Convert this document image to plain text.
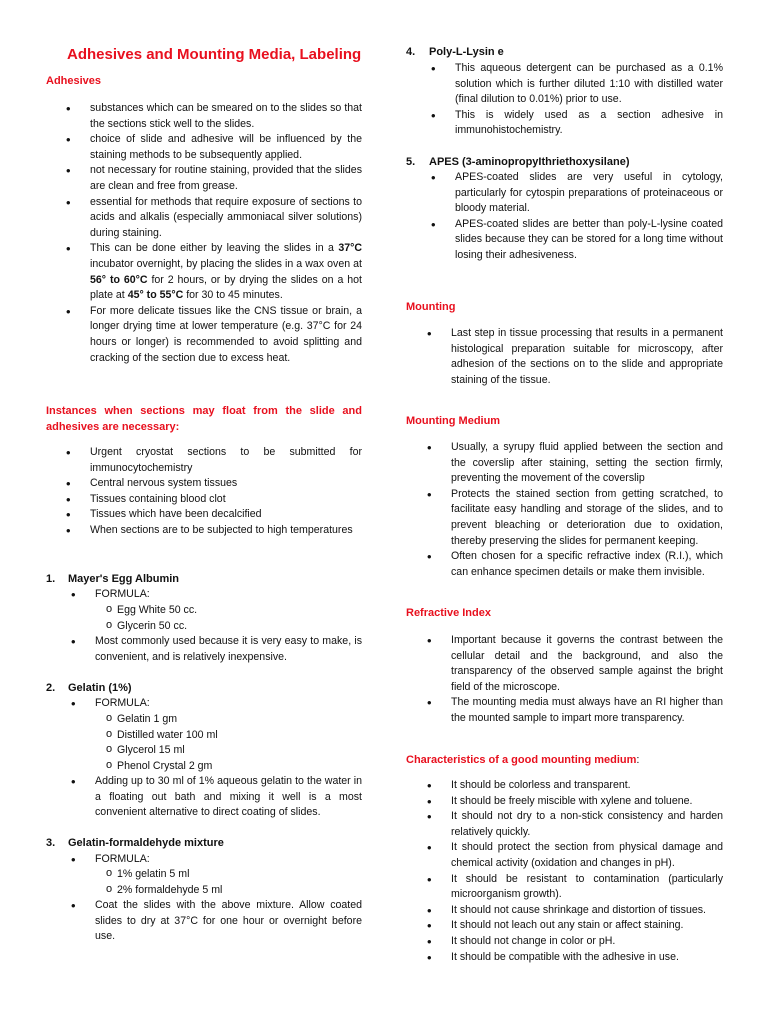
Adhesives and Mounting Media, Labeling
Adhesives
• substances which can be smeared on to the slides so that the sections stick well to the slides.
• choice of slide and adhesive will be influenced by the staining methods to be subsequently applied.
• not necessary for routine staining, provided that the slides are clean and free from grease.
• essential for methods that require exposure of sections to acids and alkalis (especially ammoniacal silver solutions) during staining.
• This can be done either by leaving the slides in a 37°C incubator overnight, by placing the slides in a wax oven at 56° to 60°C for 2 hours, or by drying the slides on a hot plate at 45° to 55°C for 30 to 45 minutes.
• For more delicate tissues like the CNS tissue or brain, a longer drying time at lower temperature (e.g. 37°C for 24 hours or longer) is recommended to avoid splitting and cracking of the section due to excess heat.
Instances when sections may float from the slide and adhesives are necessary:
• Urgent cryostat sections to be submitted for immunocytochemistry
• Central nervous system tissues
• Tissues containing blood clot
• Tissues which have been decalcified
• When sections are to be subjected to high temperatures
1. Mayer's Egg Albumin
• FORMULA:
o Egg White 50 cc.
o Glycerin 50 cc.
• Most commonly used because it is very easy to make, is convenient, and is relatively inexpensive.
2. Gelatin (1%)
• FORMULA:
o Gelatin 1 gm
o Distilled water 100 ml
o Glycerol 15 ml
o Phenol Crystal 2 gm
• Adding up to 30 ml of 1% aqueous gelatin to the water in a floating out bath and mixing it well is a most convenient alternative to direct coating of slides.
3. Gelatin-formaldehyde mixture
• FORMULA:
o 1% gelatin 5 ml
o 2% formaldehyde 5 ml
• Coat the slides with the above mixture. Allow coated slides to dry at 37°C for one hour or overnight before use.
4. Poly-L-Lysin e
• This aqueous detergent can be purchased as a 0.1% solution which is further diluted 1:10 with distilled water (final dilution to 0.01%) prior to use.
• This is widely used as a section adhesive in immunohistochemistry.
5. APES (3-aminopropyIthriethoxysilane)
• APES-coated slides are very useful in cytology, particularly for cytospin preparations of proteinaceous or bloody material.
• APES-coated slides are better than poly-L-lysine coated slides because they can be stored for a long time without losing their adhesiveness.
Mounting
• Last step in tissue processing that results in a permanent histological preparation suitable for microscopy, after adhesion of the sections on to the slide and appropriate staining of the tissue.
Mounting Medium
• Usually, a syrupy fluid applied between the section and the coverslip after staining, setting the section firmly, preventing the movement of the coverslip
• Protects the stained section from getting scratched, to facilitate easy handling and storage of the slides, and to prevent bleaching or deterioration due to oxidation, thereby preserving the slides for permanent keeping.
• Often chosen for a specific refractive index (R.I.), which can enhance specimen details or make them invisible.
Refractive Index
• Important because it governs the contrast between the cellular detail and the background, and also the transparency of the observed sample against the bright field of the microscope.
• The mounting media must always have an RI higher than the mounted sample to impart more transparency.
Characteristics of a good mounting medium:
• It should be colorless and transparent.
• It should be freely miscible with xylene and toluene.
• It should not dry to a non-stick consistency and harden relatively quickly.
• It should protect the section from physical damage and chemical activity (oxidation and changes in pH).
• It should be resistant to contamination (particularly microorganism growth).
• It should not cause shrinkage and distortion of tissues.
• It should not leach out any stain or affect staining.
• It should not change in color or pH.
• It should be compatible with the adhesive in use.
